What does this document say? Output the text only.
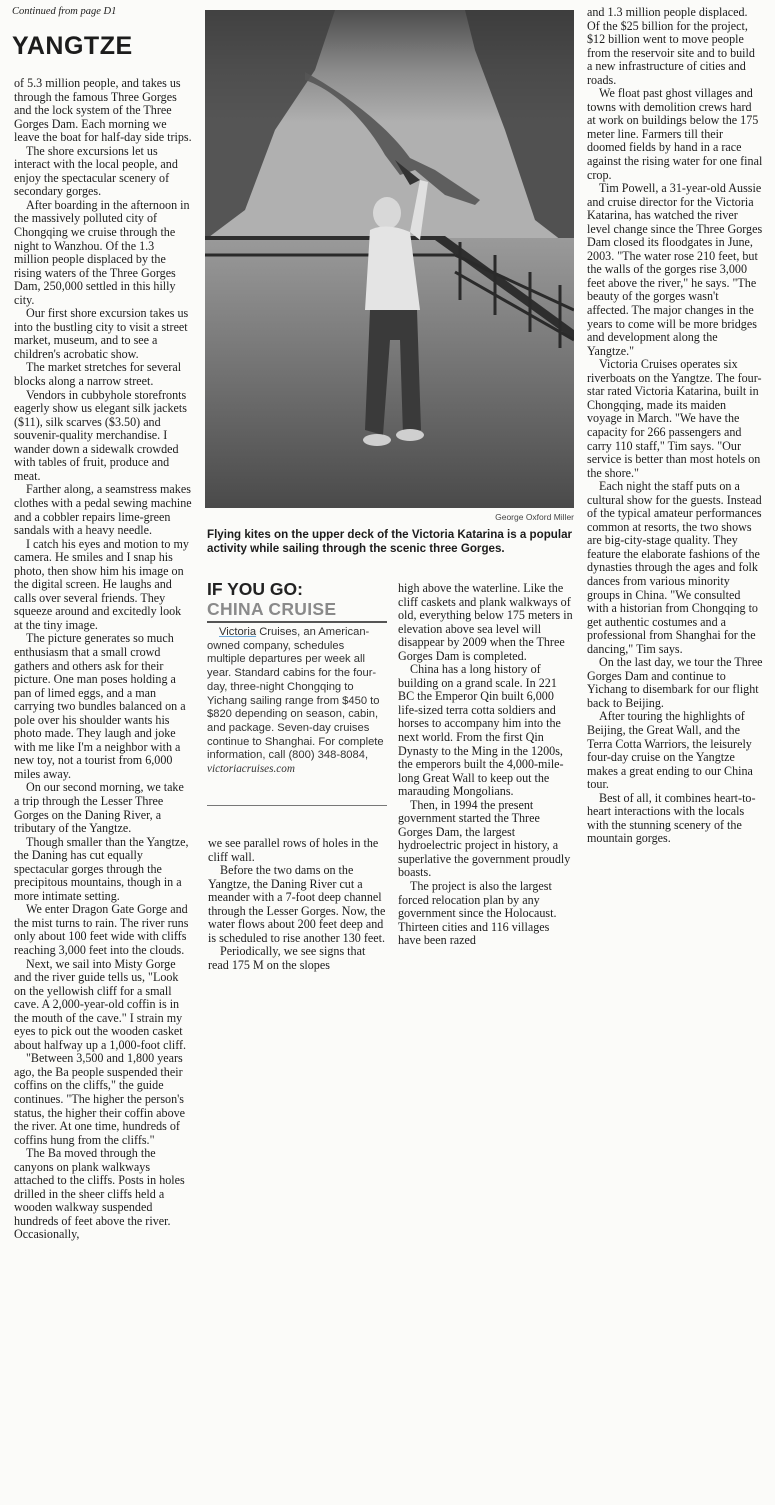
Continued from page D1
YANGTZE

of 5.3 million people, and takes us through the famous Three Gorges and the lock system of the Three Gorges Dam. Each morning we leave the boat for half-day side trips.

The shore excursions let us interact with the local people, and enjoy the spectacular scenery of secondary gorges.

After boarding in the afternoon in the massively polluted city of Chongqing we cruise through the night to Wanzhou. Of the 1.3 million people displaced by the rising waters of the Three Gorges Dam, 250,000 settled in this hilly city.

Our first shore excursion takes us into the bustling city to visit a street market, museum, and to see a children's acrobatic show.

The market stretches for several blocks along a narrow street.

Vendors in cubbyhole storefronts eagerly show us elegant silk jackets ($11), silk scarves ($3.50) and souvenir-quality merchandise. I wander down a sidewalk crowded with tables of fruit, produce and meat.

Farther along, a seamstress makes clothes with a pedal sewing machine and a cobbler repairs lime-green sandals with a heavy needle.

I catch his eyes and motion to my camera. He smiles and I snap his photo, then show him his image on the digital screen. He laughs and calls over several friends. They squeeze around and excitedly look at the tiny image.

The picture generates so much enthusiasm that a small crowd gathers and others ask for their picture. One man poses holding a pan of limed eggs, and a man carrying two bundles balanced on a pole over his shoulder wants his photo made. They laugh and joke with me like I'm a neighbor with a new toy, not a tourist from 6,000 miles away.

On our second morning, we take a trip through the Lesser Three Gorges on the Daning River, a tributary of the Yangtze.

Though smaller than the Yangtze, the Daning has cut equally spectacular gorges through the precipitous mountains, though in a more intimate setting.

We enter Dragon Gate Gorge and the mist turns to rain. The river runs only about 100 feet wide with cliffs reaching 3,000 feet into the clouds.

Next, we sail into Misty Gorge and the river guide tells us, "Look on the yellowish cliff for a small cave. A 2,000-year-old coffin is in the mouth of the cave." I strain my eyes to pick out the wooden casket about halfway up a 1,000-foot cliff.

"Between 3,500 and 1,800 years ago, the Ba people suspended their coffins on the cliffs," the guide continues. "The higher the person's status, the higher their coffin above the river. At one time, hundreds of coffins hung from the cliffs."

The Ba moved through the canyons on plank walkways attached to the cliffs. Posts in holes drilled in the sheer cliffs held a wooden walkway suspended hundreds of feet above the river. Occasionally,

George Oxford Miller
Flying kites on the upper deck of the Victoria Katarina is a popular activity while sailing through the scenic three Gorges.
IF YOU GO:
CHINA CRUISE
Victoria Cruises, an American-owned company, schedules multiple departures per week all year. Standard cabins for the four-day, three-night Chongqing to Yichang sailing range from $450 to $820 depending on season, cabin, and package. Seven-day cruises continue to Shanghai. For complete information, call (800) 348-8084, victoriacruises.com

we see parallel rows of holes in the cliff wall.

Before the two dams on the Yangtze, the Daning River cut a meander with a 7-foot deep channel through the Lesser Gorges. Now, the water flows about 200 feet deep and is scheduled to rise another 130 feet.

Periodically, we see signs that read 175 M on the slopes

high above the waterline. Like the cliff caskets and plank walkways of old, everything below 175 meters in elevation above sea level will disappear by 2009 when the Three Gorges Dam is completed.

China has a long history of building on a grand scale. In 221 BC the Emperor Qin built 6,000 life-sized terra cotta soldiers and horses to accompany him into the next world. From the first Qin Dynasty to the Ming in the 1200s, the emperors built the 4,000-mile-long Great Wall to keep out the marauding Mongolians.

Then, in 1994 the present government started the Three Gorges Dam, the largest hydroelectric project in history, a superlative the government proudly boasts.

The project is also the largest forced relocation plan by any government since the Holocaust. Thirteen cities and 116 villages have been razed

and 1.3 million people displaced. Of the $25 billion for the project, $12 billion went to move people from the reservoir site and to build a new infrastructure of cities and roads.

We float past ghost villages and towns with demolition crews hard at work on buildings below the 175 meter line. Farmers till their doomed fields by hand in a race against the rising water for one final crop.

Tim Powell, a 31-year-old Aussie and cruise director for the Victoria Katarina, has watched the river level change since the Three Gorges Dam closed its floodgates in June, 2003. "The water rose 210 feet, but the walls of the gorges rise 3,000 feet above the river," he says. "The beauty of the gorges wasn't affected. The major changes in the years to come will be more bridges and development along the Yangtze."

Victoria Cruises operates six riverboats on the Yangtze. The four-star rated Victoria Katarina, built in Chongqing, made its maiden voyage in March. "We have the capacity for 266 passengers and carry 110 staff," Tim says. "Our service is better than most hotels on the shore."

Each night the staff puts on a cultural show for the guests. Instead of the typical amateur performances common at resorts, the two shows are big-city-stage quality. They feature the elaborate fashions of the dynasties through the ages and folk dances from various minority groups in China. "We consulted with a historian from Chongqing to get authentic costumes and a professional from Shanghai for the dancing," Tim says.

On the last day, we tour the Three Gorges Dam and continue to Yichang to disembark for our flight back to Beijing.

After touring the highlights of Beijing, the Great Wall, and the Terra Cotta Warriors, the leisurely four-day cruise on the Yangtze makes a great ending to our China tour.

Best of all, it combines heart-to-heart interactions with the locals with the stunning scenery of the mountain gorges.
